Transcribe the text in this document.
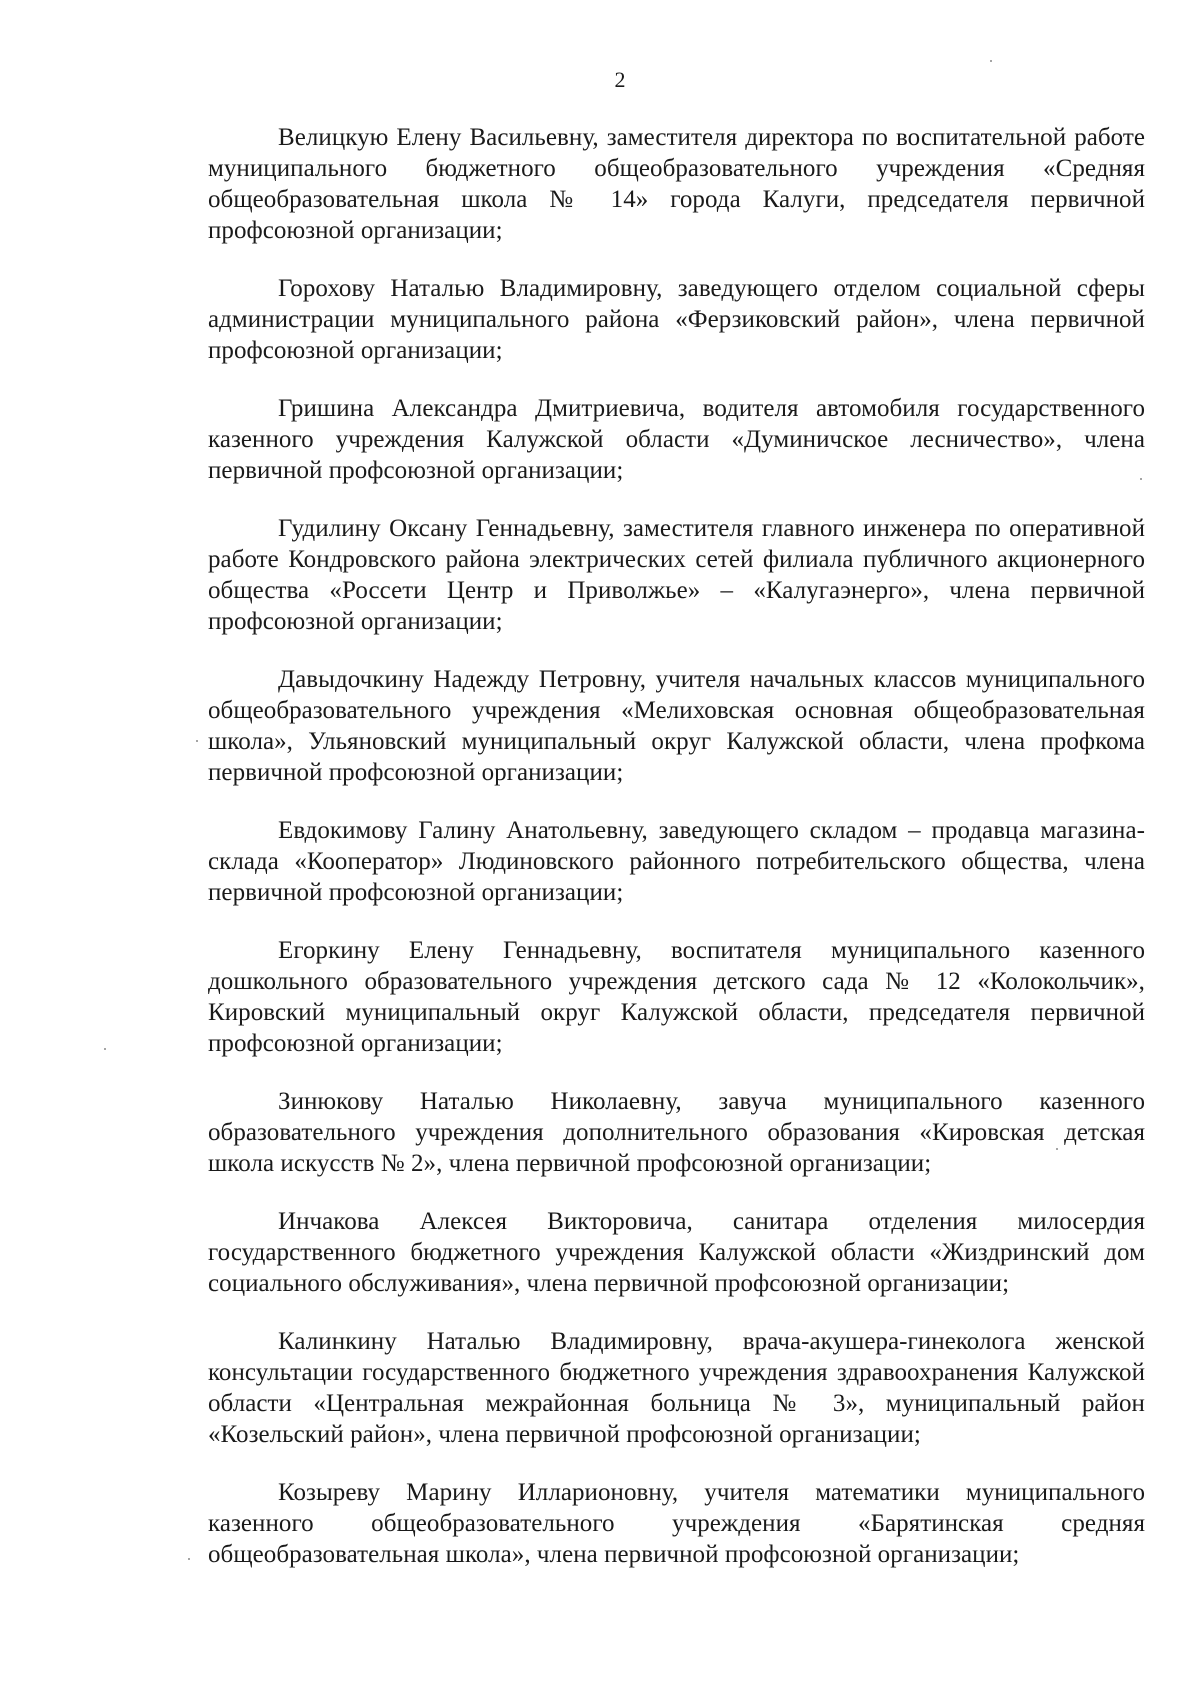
2

Велицкую Елену Васильевну, заместителя директора по воспитательной работе муниципального бюджетного общеобразовательного учреждения «Средняя общеобразовательная школа № 14» города Калуги, председателя первичной профсоюзной организации;

Горохову Наталью Владимировну, заведующего отделом социальной сферы администрации муниципального района «Ферзиковский район», члена первичной профсоюзной организации;

Гришина Александра Дмитриевича, водителя автомобиля государственного казенного учреждения Калужской области «Думиничское лесничество», члена первичной профсоюзной организации;

Гудилину Оксану Геннадьевну, заместителя главного инженера по оперативной работе Кондровского района электрических сетей филиала публичного акционерного общества «Россети Центр и Приволжье» – «Калугаэнерго», члена первичной профсоюзной организации;

Давыдочкину Надежду Петровну, учителя начальных классов муниципального общеобразовательного учреждения «Мелиховская основная общеобразовательная школа», Ульяновский муниципальный округ Калужской области, члена профкома первичной профсоюзной организации;

Евдокимову Галину Анатольевну, заведующего складом – продавца магазина-склада «Кооператор» Людиновского районного потребительского общества, члена первичной профсоюзной организации;

Егоркину Елену Геннадьевну, воспитателя муниципального казенного дошкольного образовательного учреждения детского сада № 12 «Колокольчик», Кировский муниципальный округ Калужской области, председателя первичной профсоюзной организации;

Зинюкову Наталью Николаевну, завуча муниципального казенного образовательного учреждения дополнительного образования «Кировская детская школа искусств № 2», члена первичной профсоюзной организации;

Инчакова Алексея Викторовича, санитара отделения милосердия государственного бюджетного учреждения Калужской области «Жиздринский дом социального обслуживания», члена первичной профсоюзной организации;

Калинкину Наталью Владимировну, врача-акушера-гинеколога женской консультации государственного бюджетного учреждения здравоохранения Калужской области «Центральная межрайонная больница № 3», муниципальный район «Козельский район», члена первичной профсоюзной организации;

Козыреву Марину Илларионовну, учителя математики муниципального казенного общеобразовательного учреждения «Барятинская средняя общеобразовательная школа», члена первичной профсоюзной организации;
